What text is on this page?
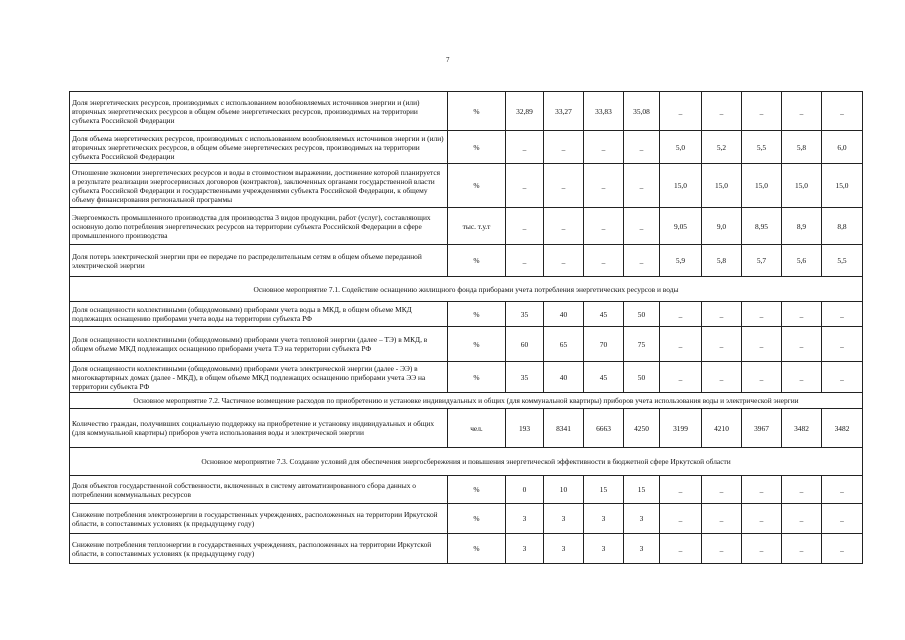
7
Доля энергетических ресурсов, производимых с использованием возобновляемых источников энергии и (или) вторичных энергетических ресурсов в общем объеме энергетических ресурсов, производимых на территории субъекта Российской Федерации	%	32,89	33,27	33,83	35,08	_	_	_	_	_
Доля объема энергетических ресурсов, производимых с использованием возобновляемых источников энергии и (или) вторичных энергетических ресурсов, в общем объеме энергетических ресурсов, производимых на территории субъекта Российской Федерации	%	_	_	_	_	5,0	5,2	5,5	5,8	6,0
Отношение экономии энергетических ресурсов и воды в стоимостном выражении, достижение которой планируется в результате реализации энергосервисных договоров (контрактов), заключенных органами государственной власти субъекта Российской Федерации и государственными учреждениями субъекта Российской Федерации, к общему объему финансирования региональной программы	%	_	_	_	_	15,0	15,0	15,0	15,0	15,0
Энергоемкость промышленного производства для производства 3 видов продукции, работ (услуг), составляющих основную долю потребления энергетических ресурсов на территории субъекта Российской Федерации в сфере промышленного производства	тыс. т.у.т	_	_	_	_	9,05	9,0	8,95	8,9	8,8
Доля потерь электрической энергии при ее передаче по распределительным сетям в общем объеме переданной электрической энергии	%	_	_	_	_	5,9	5,8	5,7	5,6	5,5
Основное мероприятие 7.1. Содействие оснащению жилищного фонда приборами учета потребления энергетических ресурсов и воды										
Доля оснащенности коллективными (общедомовыми) приборами учета воды в МКД, в общем объеме МКД подлежащих оснащению приборами учета воды на территории субъекта РФ	%	35	40	45	50	_	_	_	_	_
Доля оснащенности коллективными (общедомовыми) приборами учета тепловой энергии (далее – ТЭ) в МКД, в общем объеме МКД подлежащих оснащению приборами учета ТЭ на территории субъекта РФ	%	60	65	70	75	_	_	_	_	_
Доля оснащенности коллективными (общедомовыми) приборами учета электрической энергии (далее - ЭЭ) в многоквартирных домах (далее - МКД), в общем объеме МКД подлежащих оснащению приборами учета ЭЭ на территории субъекта РФ	%	35	40	45	50	_	_	_	_	_
Основное мероприятие 7.2. Частичное возмещение расходов по приобретению и установке индивидуальных и общих (для коммунальной квартиры) приборов учета использования воды и электрической энергии										
Количество граждан, получивших социальную поддержку на приобретение и установку индивидуальных и общих (для коммунальной квартиры) приборов учета использования воды и электрической энергии	чел.	193	8341	6663	4250	3199	4210	3967	3482	3482
Основное мероприятие 7.3. Создание условий для обеспечения энергосбережения и повышения энергетической эффективности в бюджетной сфере Иркутской области										
Доля объектов государственной собственности, включенных в систему автоматизированного сбора данных о потреблении коммунальных ресурсов	%	0	10	15	15	_	_	_	_	_
Снижение потребления электроэнергии в государственных учреждениях, расположенных на территории Иркутской области, в сопоставимых условиях (к предыдущему году)	%	3	3	3	3	_	_	_	_	_
Снижение потребления теплоэнергии в государственных учреждениях, расположенных на территории Иркутской области, в сопоставимых условиях (к предыдущему году)	%	3	3	3	3	_	_	_	_	_
